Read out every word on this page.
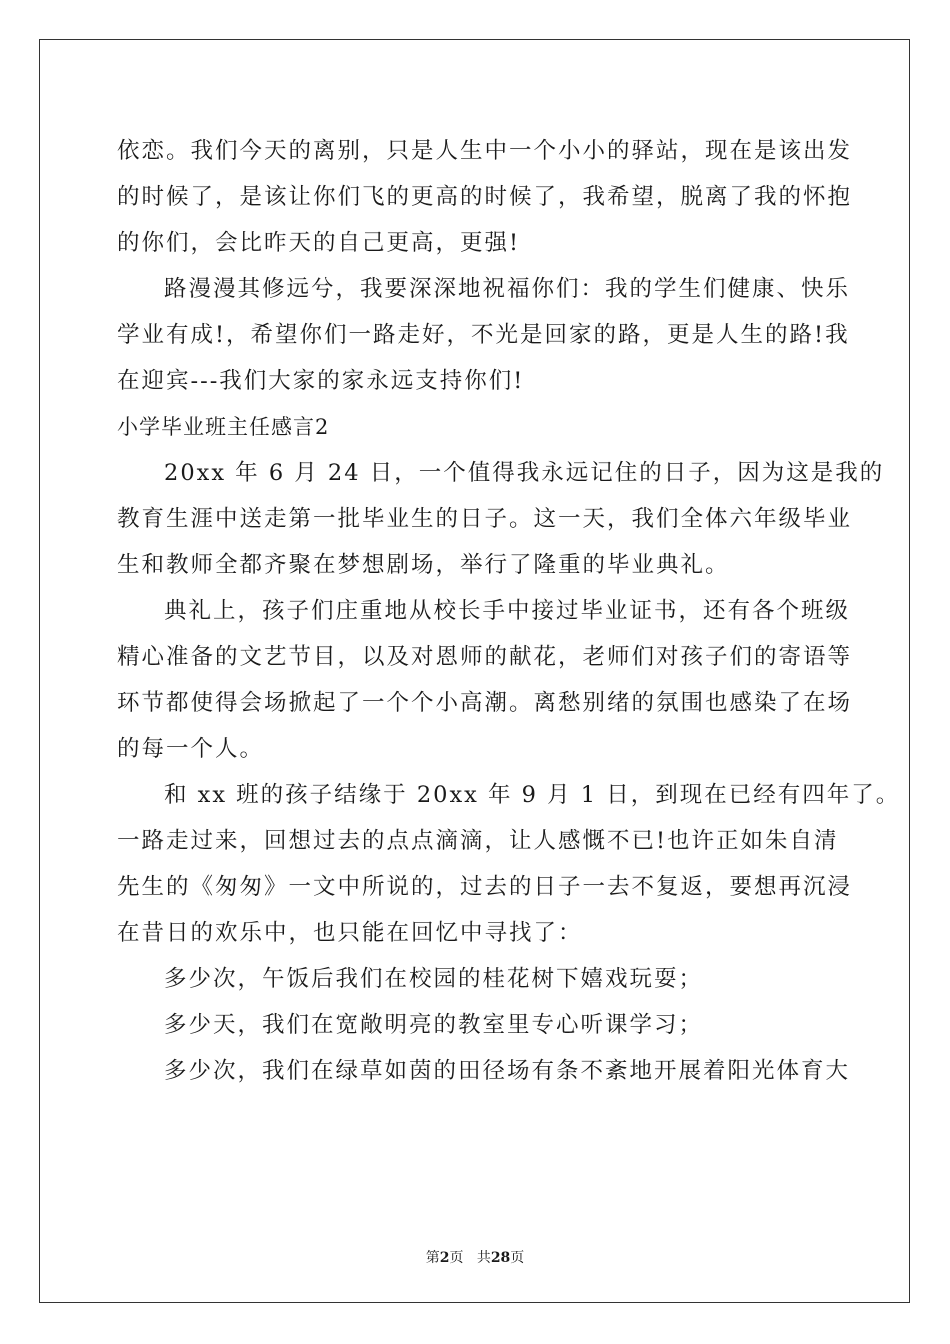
依恋。我们今天的离别，只是人生中一个小小的驿站，现在是该出发
的时候了，是该让你们飞的更高的时候了，我希望，脱离了我的怀抱
的你们，会比昨天的自己更高，更强!
路漫漫其修远兮，我要深深地祝福你们：我的学生们健康、快乐
学业有成!，希望你们一路走好，不光是回家的路，更是人生的路!我
在迎宾---我们大家的家永远支持你们!
小学毕业班主任感言2
20xx 年 6 月 24 日，一个值得我永远记住的日子，因为这是我的
教育生涯中送走第一批毕业生的日子。这一天，我们全体六年级毕业
生和教师全都齐聚在梦想剧场，举行了隆重的毕业典礼。
典礼上，孩子们庄重地从校长手中接过毕业证书，还有各个班级
精心准备的文艺节目，以及对恩师的献花，老师们对孩子们的寄语等
环节都使得会场掀起了一个个小高潮。离愁别绪的氛围也感染了在场
的每一个人。
和 xx 班的孩子结缘于 20xx 年 9 月 1 日，到现在已经有四年了。
一路走过来，回想过去的点点滴滴，让人感慨不已!也许正如朱自清
先生的《匆匆》一文中所说的，过去的日子一去不复返，要想再沉浸
在昔日的欢乐中，也只能在回忆中寻找了：
多少次，午饭后我们在校园的桂花树下嬉戏玩耍；
多少天，我们在宽敞明亮的教室里专心听课学习；
多少次，我们在绿草如茵的田径场有条不紊地开展着阳光体育大
第2页 共28页
